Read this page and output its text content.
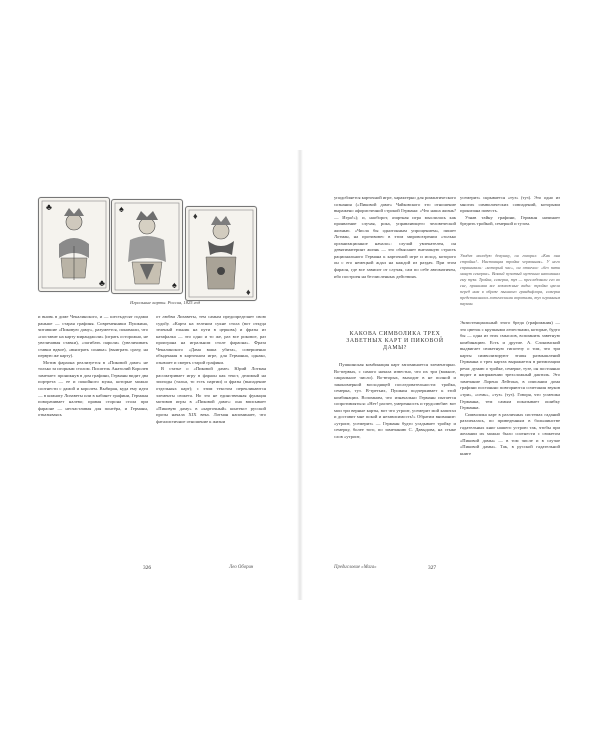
♣
♣
♠
♠
♦
♦
Игральные карты. Россия, 1825 год

и вновь в доме Чекалинского, и — шестьдесят годами раньше — старая графиня. Современники Пушкина, читавшие «Пиковую даму», разумеется, понимали, что «поставит на карту миранджоли» (играть осторожно, не увеличивая ставки), «загибать пароли» (увеличивать ставки вдвое), «выиграть соника» (выиграть сразу, на первую же карту).

Мотив фараона реализуется в «Пиковой даме» не только за игорным столом. Писатель Анатолий Королев замечает: проникнув в дом графини, Германн видит два портрета — ее и покойного мужа, которые можно соотнести с дамой и королем. Выбирая, куда ему идти — в комнату Лизаветы или в кабинет графини, Германн поворачивает налево; правая сторона стола при фараоне — несчастливая для понтёра, и Германн, отказываясь

от любви Лизаветы, тем самым предопределяет свою судьбу. «Карта на зеленом сукне стола (вот откуда зеленый ельник на пути в церковь) и фразы из катафалка — это одно и то же, раз все роковое, раз проиграна на игральном столе фараона». Фраза Чекалинского «Дама ваша убита», совершенно обыденная в карточном игре, для Германна, однако, означает и смерть старой графини.

В статье о «Пиковой даме» Юрий Лотман рассматривает игру в фараон как текст, делимый на эпизоды (тальи, то есть партии) и фразы (выпадение отдельных карт); с этим текстом перекликаются элементы сюжета. Но это не единственная функция мотивов игры в «Пиковой даме»: она вписывает «Пиковую даму» в «карточный» контекст русской прозы начала XIX века. Лотман напоминает, что фаталистичное отношение к жизни

326	Лео Оборин

уподобляется карточной игре, характерно для романтического сознания («Пиковой даме» Чайковского это отношение выражено афористичной строкой Германа: «Что наша жизнь? — Игра!»); и, наоборот, азартная игра мыслилась как проявление случая, рока, управляющего человеческой жизнью. «Числа бы однотонным упрощением», пишет Лотман, на противовес в этом мировоззрении «только организационное начало»: случай увлекателен, он девятиматеринт жизнь — это объясняет внезапную страсть рационального Германа к карточной игре и исход, которого он с его немецкой ждал на каждой из раздач. При этом фараон, где все зависит от случая, сам по себе автоматичен, ибо построен на бесчисленных действиях.

КАКОВА СИМВОЛИКА ТРЕХ ЗАВЕТНЫХ КАРТ И ПИКОВОЙ ДАМЫ?

Пушкинская комбинация карт запоминается элементарно. Во-первых, с самого начала известно, что их три (важное, сакральное число). Во-вторых, выходит в не полной и закономерной восходящей последовательности: тройка, семерка, туз. В-третьих, Пушкин подчеркивает к этой комбинации. Вспомним, что изначально Германн пытается сопротивляться: «Нет! расчет, умеренность и трудолюбие: вот мои три верные карты, вот что утроит, усемерит мой капитал и доставит мне покой и независимость!» Обратим внимание: «утроит, усемерит» — Германн будто угадывает тройку и семерку, более того, по замечанию С. Давыдова, на стыке слов «утроит,

усемерит» скрывается «туз» (туз). Это одно из многих символических совпадений, которыми пронизана повесть.

Узнав тайну графини, Германн начинает бредить тройкой, семеркой и тузом.

Увидев молодую девушку, он говорил: «Как она стройна!.. Настоящая тройка червонная». У него спрашивали: «который час», он отвечал: «без пяти минут семерка». Всякий пузатый мужчина напоминал ему туза. Тройка, семерка, туз — преследовали его во сне, принимая все возможные виды: тройка цвела перед ним в образе пышного грандифлора, семерка представлялась готическими воротами, туз огромным пауком.

Экзистенциальный этого бреда (графомания) — это цветок с крупными лепестками, которые, будто бы — одна из этих смыслов, вспомнить заветную комбинацию. Есть и другие. А. Слонимский выдвигает сюжетную гипотезу о том, что три карты символизируют этапы размышлений Германна о трех картах выражается в ритмизации речи: думаю о тройке, семерке, тузе, он постоянно видит и напряжении трехсложный дактиль. Это замечание Лорена Лейтона, в описании дома графини постоянно повторяются сочетания звуков «три», «семь», «туз» (туз). Говоря, что усмешка Германна, тем самым показывает ошибку Германна.

Символика карт в различных системах гаданий различалась, по приведенным в большинстве гадательных книг нашего устрою так, чтобы при желании их можно было соотнести с сюжетом «Пиковой дамы» — в том числе и в случае «Пиковой дамы». Так, в русской гадательной книге

Предисловие «Мага»	327
